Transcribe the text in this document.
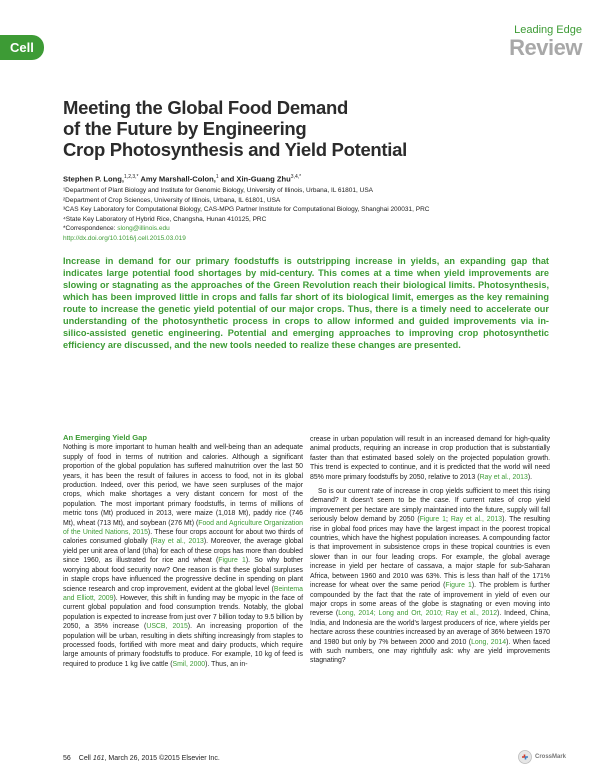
Cell
Leading Edge
Review
Meeting the Global Food Demand
of the Future by Engineering
Crop Photosynthesis and Yield Potential
Stephen P. Long,$^{1,2,3,*}$ Amy Marshall-Colon,$^1$ and Xin-Guang Zhu$^{3,4,*}$
¹Department of Plant Biology and Institute for Genomic Biology, University of Illinois, Urbana, IL 61801, USA
²Department of Crop Sciences, University of Illinois, Urbana, IL 61801, USA
³CAS Key Laboratory for Computational Biology, CAS-MPG Partner Institute for Computational Biology, Shanghai 200031, PRC
⁴State Key Laboratory of Hybrid Rice, Changsha, Hunan 410125, PRC
*Correspondence: slong@illinois.edu
http://dx.doi.org/10.1016/j.cell.2015.03.019
Increase in demand for our primary foodstuffs is outstripping increase in yields, an expanding gap that indicates large potential food shortages by mid-century. This comes at a time when yield improvements are slowing or stagnating as the approaches of the Green Revolution reach their biological limits. Photosynthesis, which has been improved little in crops and falls far short of its biological limit, emerges as the key remaining route to increase the genetic yield potential of our major crops. Thus, there is a timely need to accelerate our understanding of the photosynthetic process in crops to allow informed and guided improvements via in-silico-assisted genetic engineering. Potential and emerging approaches to improving crop photosynthetic efficiency are discussed, and the new tools needed to realize these changes are presented.
An Emerging Yield Gap

Nothing is more important to human health and well-being than an adequate supply of food in terms of nutrition and calories. Although a significant proportion of the global population has suffered malnutrition over the last 50 years, it has been the result of failures in access to food, not in its global production. Indeed, over this period, we have seen surpluses of the major crops, which make shortages a very distant concern for most of the population. The most important primary foodstuffs, in terms of millions of metric tons (Mt) produced in 2013, were maize (1,018 Mt), paddy rice (746 Mt), wheat (713 Mt), and soybean (276 Mt) (Food and Agriculture Organization of the United Nations, 2015). These four crops account for about two thirds of calories consumed globally (Ray et al., 2013). Moreover, the average global yield per unit area of land (t/ha) for each of these crops has more than doubled since 1960, as illustrated for rice and wheat (Figure 1). So why bother worrying about food security now? One reason is that these global surpluses in staple crops have influenced the progressive decline in spending on plant science research and crop improvement, evident at the global level (Beintema and Elliott, 2009). However, this shift in funding may be myopic in the face of current global population and food consumption trends. Notably, the global population is expected to increase from just over 7 billion today to 9.5 billion by 2050, a 35% increase (USCB, 2015). An increasing proportion of the population will be urban, resulting in diets shifting increasingly from staples to processed foods, fortified with more meat and dairy products, which require large amounts of primary foodstuffs to produce. For example, 10 kg of feed is required to produce 1 kg live cattle (Smil, 2000). Thus, an in-

crease in urban population will result in an increased demand for high-quality animal products, requiring an increase in crop production that is substantially faster than that estimated based solely on the projected population growth. This trend is expected to continue, and it is predicted that the world will need 85% more primary foodstuffs by 2050, relative to 2013 (Ray et al., 2013).

So is our current rate of increase in crop yields sufficient to meet this rising demand? It doesn't seem to be the case. If current rates of crop yield improvement per hectare are simply maintained into the future, supply will fall seriously below demand by 2050 (Figure 1; Ray et al., 2013). The resulting rise in global food prices may have the largest impact in the poorest tropical countries, which have the highest population increases. A compounding factor is that improvement in subsistence crops in these tropical countries is even slower than in our four leading crops. For example, the global average increase in yield per hectare of cassava, a major staple for sub-Saharan Africa, between 1960 and 2010 was 63%. This is less than half of the 171% increase for wheat over the same period (Figure 1). The problem is further compounded by the fact that the rate of improvement in yield of even our major crops in some areas of the globe is stagnating or even moving into reverse (Long, 2014; Long and Ort, 2010; Ray et al., 2012). Indeed, China, India, and Indonesia are the world's largest producers of rice, where yields per hectare across these countries increased by an average of 36% between 1970 and 1980 but only by 7% between 2000 and 2010 (Long, 2014). When faced with such numbers, one may rightfully ask: why are yield improvements stagnating?

56 Cell 161, March 26, 2015 ©2015 Elsevier Inc.	CrossMark
